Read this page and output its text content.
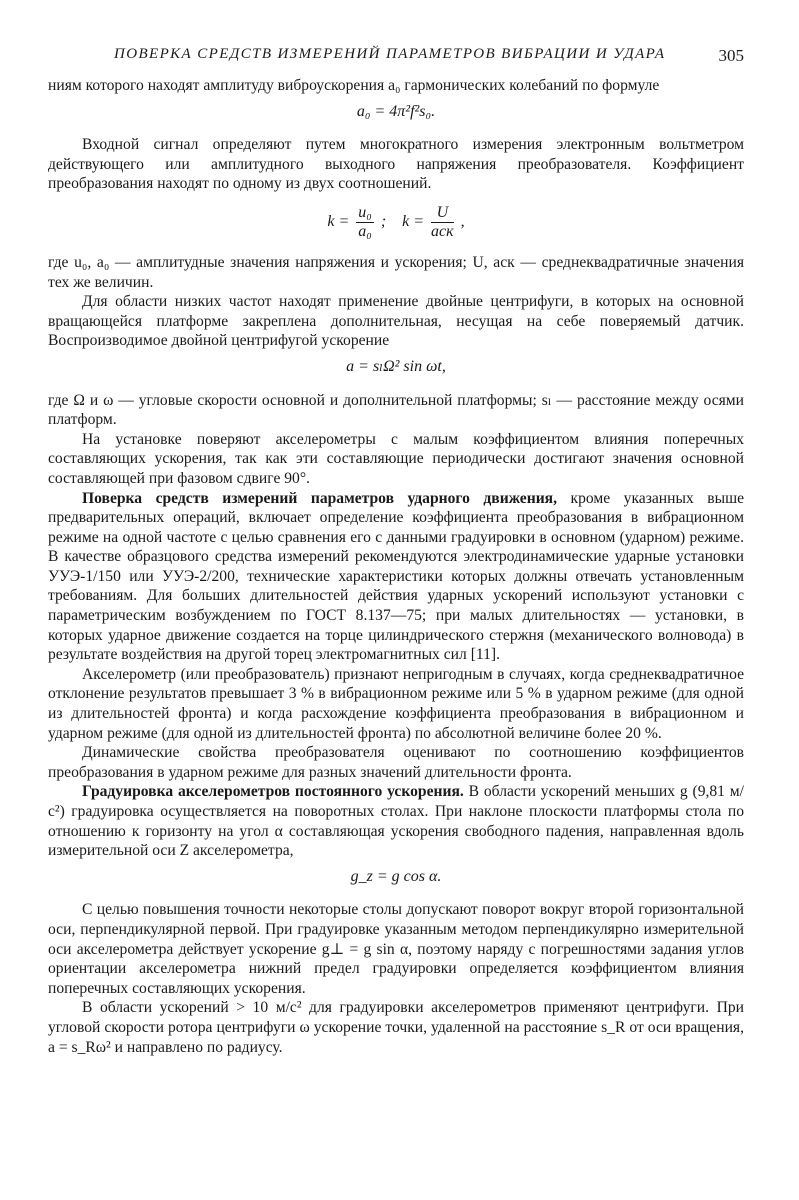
ПОВЕРКА СРЕДСТВ ИЗМЕРЕНИЙ ПАРАМЕТРОВ ВИБРАЦИИ И УДАРА	305

ниям которого находят амплитуду виброускорения a₀ гармонических колебаний по формуле

a₀ = 4π²f²s₀.

Входной сигнал определяют путем многократного измерения электронным вольтметром действующего или амплитудного выходного напряжения преобразователя. Коэффициент преобразования находят по одному из двух соотношений.

$k = \frac{\text{u₀}}{\text{a₀}}$ ; $k = \frac{U}{\text{aск}}$ ,

где u₀, a₀ — амплитудные значения напряжения и ускорения; U, aск — среднеквадратичные значения тех же величин.

Для области низких частот находят применение двойные центрифуги, в которых на основной вращающейся платформе закреплена дополнительная, несущая на себе поверяемый датчик. Воспроизводимое двойной центрифугой ускорение

a = sₗΩ² sin ωt,

где Ω и ω — угловые скорости основной и дополнительной платформы; sₗ — расстояние между осями платформ.

На установке поверяют акселерометры с малым коэффициентом влияния поперечных составляющих ускорения, так как эти составляющие периодически достигают значения основной составляющей при фазовом сдвиге 90°.

Поверка средств измерений параметров ударного движения, кроме указанных выше предварительных операций, включает определение коэффициента преобразования в вибрационном режиме на одной частоте с целью сравнения его с данными градуировки в основном (ударном) режиме. В качестве образцового средства измерений рекомендуются электродинамические ударные установки УУЭ-1/150 или УУЭ-2/200, технические характеристики которых должны отвечать установленным требованиям. Для больших длительностей действия ударных ускорений используют установки с параметрическим возбуждением по ГОСТ 8.137—75; при малых длительностях — установки, в которых ударное движение создается на торце цилиндрического стержня (механического волновода) в результате воздействия на другой торец электромагнитных сил [11].

Акселерометр (или преобразователь) признают непригодным в случаях, когда среднеквадратичное отклонение результатов превышает 3 % в вибрационном режиме или 5 % в ударном режиме (для одной из длительностей фронта) и когда расхождение коэффициента преобразования в вибрационном и ударном режиме (для одной из длительностей фронта) по абсолютной величине более 20 %.

Динамические свойства преобразователя оценивают по соотношению коэффициентов преобразования в ударном режиме для разных значений длительности фронта.

Градуировка акселерометров постоянного ускорения. В области ускорений меньших g (9,81 м/с²) градуировка осуществляется на поворотных столах. При наклоне плоскости платформы стола по отношению к горизонту на угол α составляющая ускорения свободного падения, направленная вдоль измерительной оси Z акселерометра,

g_z = g cos α.

С целью повышения точности некоторые столы допускают поворот вокруг второй горизонтальной оси, перпендикулярной первой. При градуировке указанным методом перпендикулярно измерительной оси акселерометра действует ускорение g⊥ = g sin α, поэтому наряду с погрешностями задания углов ориентации акселерометра нижний предел градуировки определяется коэффициентом влияния поперечных составляющих ускорения.

В области ускорений > 10 м/с² для градуировки акселерометров применяют центрифуги. При угловой скорости ротора центрифуги ω ускорение точки, удаленной на расстояние s_R от оси вращения, a = s_Rω² и направлено по радиусу.
